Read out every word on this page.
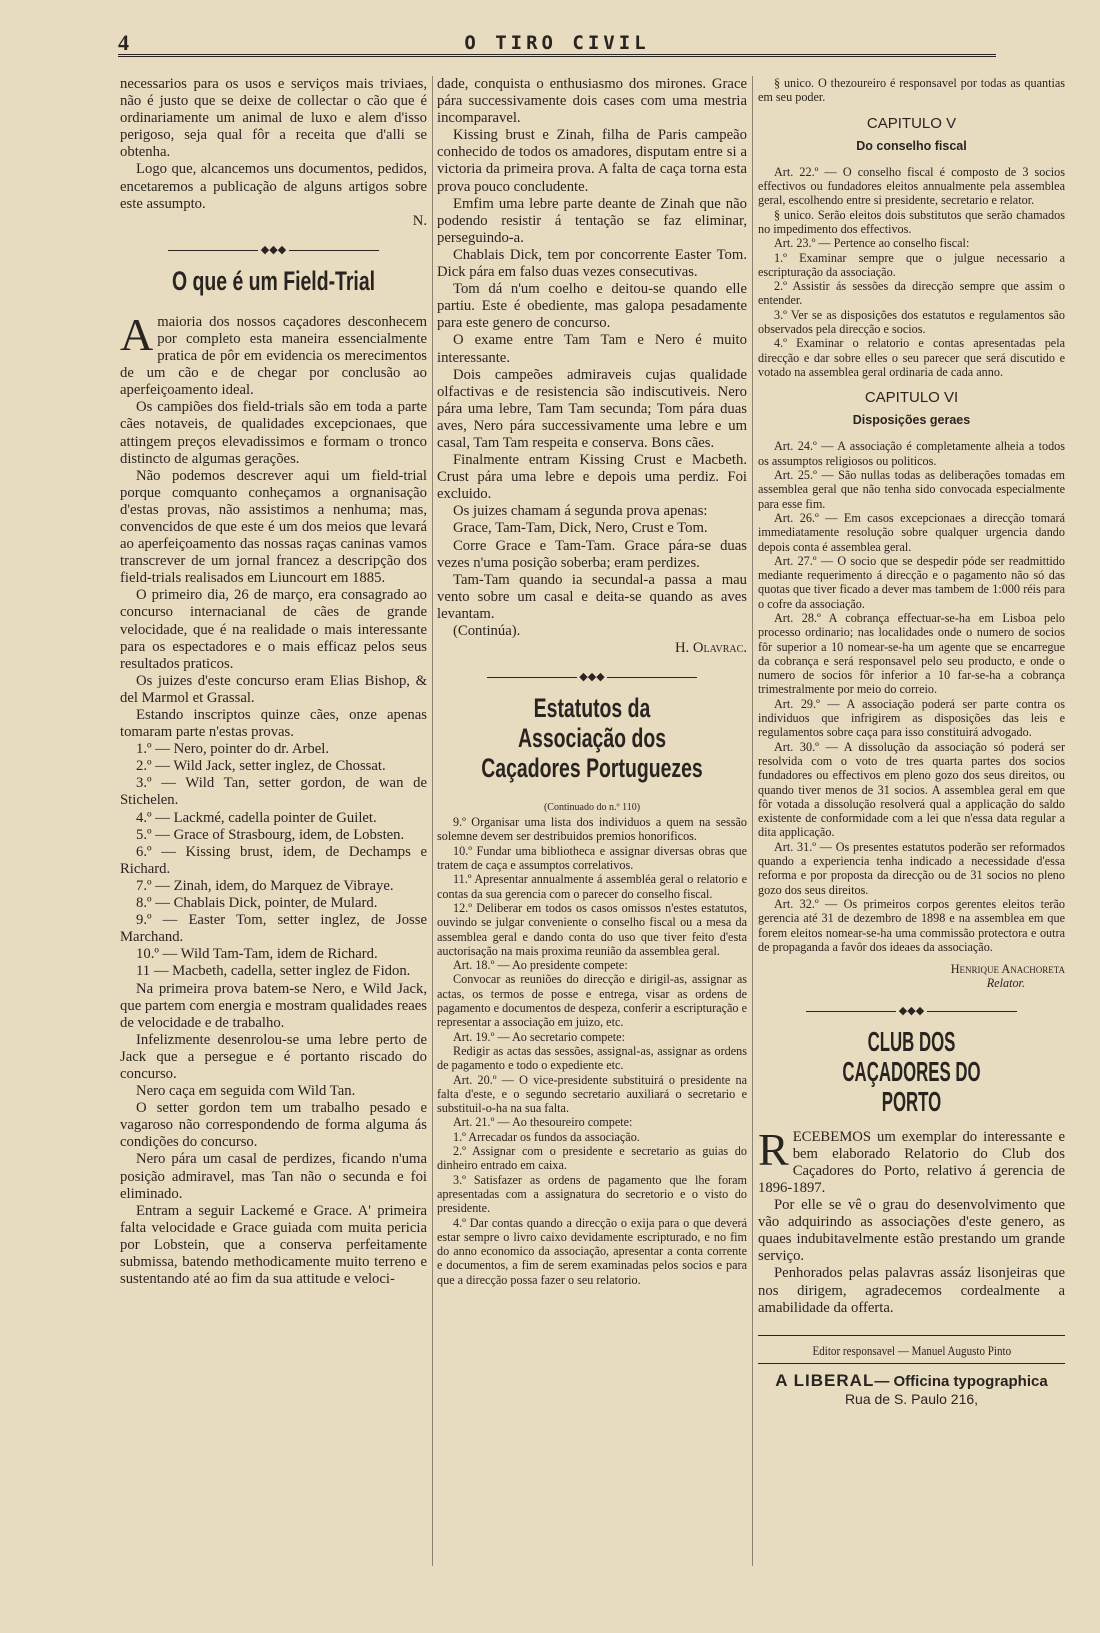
4	O TIRO CIVIL

necessarios para os usos e serviços mais triviaes, não é justo que se deixe de collectar o cão que é ordinariamente um animal de luxo e alem d'isso perigoso, seja qual fôr a receita que d'alli se obtenha.

Logo que, alcancemos uns documentos, pedidos, encetaremos a publicação de alguns artigos sobre este assumpto.

N.

◆◆◆
O que é um Field-Trial

Amaioria dos nossos caçadores desconhecem por completo esta maneira essencialmente pratica de pôr em evidencia os merecimentos de um cão e de chegar por conclusão ao aperfeiçoamento ideal.

Os campiões dos field-trials são em toda a parte cães notaveis, de qualidades excepcionaes, que attingem preços elevadissimos e formam o tronco distincto de algumas gerações.

Não podemos descrever aqui um field-trial porque comquanto conheçamos a orgnanisação d'estas provas, não assistimos a nenhuma; mas, convencidos de que este é um dos meios que levará ao aperfeiçoamento das nossas raças caninas vamos transcrever de um jornal francez a descripção dos field-trials realisados em Liuncourt em 1885.

O primeiro dia, 26 de março, era consagrado ao concurso internacianal de cães de grande velocidade, que é na realidade o mais interessante para os espectadores e o mais efficaz pelos seus resultados praticos.

Os juizes d'este concurso eram Elias Bishop, & del Marmol et Grassal.

Estando inscriptos quinze cães, onze apenas tomaram parte n'estas provas.

1.º — Nero, pointer do dr. Arbel.

2.º — Wild Jack, setter inglez, de Chossat.

3.º — Wild Tan, setter gordon, de wan de Stichelen.

4.º — Lackmé, cadella pointer de Guilet.

5.º — Grace of Strasbourg, idem, de Lobsten.

6.º — Kissing brust, idem, de Dechamps e Richard.

7.º — Zinah, idem, do Marquez de Vibraye.

8.º — Chablais Dick, pointer, de Mulard.

9.º — Easter Tom, setter inglez, de Josse Marchand.

10.º — Wild Tam-Tam, idem de Richard.

11 — Macbeth, cadella, setter inglez de Fidon.

Na primeira prova batem-se Nero, e Wild Jack, que partem com energia e mostram qualidades reaes de velocidade e de trabalho.

Infelizmente desenrolou-se uma lebre perto de Jack que a persegue e é portanto riscado do concurso.

Nero caça em seguida com Wild Tan.

O setter gordon tem um trabalho pesado e vagaroso não correspondendo de forma alguma ás condições do concurso.

Nero pára um casal de perdizes, ficando n'uma posição admiravel, mas Tan não o secunda e foi eliminado.

Entram a seguir Lackemé e Grace. A' primeira falta velocidade e Grace guiada com muita pericia por Lobstein, que a conserva perfeitamente submissa, batendo methodicamente muito terreno e sustentando até ao fim da sua attitude e veloci-

dade, conquista o enthusiasmo dos mirones. Grace pára successivamente dois cases com uma mestria incomparavel.

Kissing brust e Zinah, filha de Paris campeão conhecido de todos os amadores, disputam entre si a victoria da primeira prova. A falta de caça torna esta prova pouco concludente.

Emfim uma lebre parte deante de Zinah que não podendo resistir á tentação se faz eliminar, perseguindo-a.

Chablais Dick, tem por concorrente Easter Tom. Dick pára em falso duas vezes consecutivas.

Tom dá n'um coelho e deitou-se quando elle partiu. Este é obediente, mas galopa pesadamente para este genero de concurso.

O exame entre Tam Tam e Nero é muito interessante.

Dois campeões admiraveis cujas qualidade olfactivas e de resistencia são indiscutiveis. Nero pára uma lebre, Tam Tam secunda; Tom pára duas aves, Nero pára successivamente uma lebre e um casal, Tam Tam respeita e conserva. Bons cães.

Finalmente entram Kissing Crust e Macbeth. Crust pára uma lebre e depois uma perdiz. Foi excluido.

Os juizes chamam á segunda prova apenas:

Grace, Tam-Tam, Dick, Nero, Crust e Tom.

Corre Grace e Tam-Tam. Grace pára-se duas vezes n'uma posição soberba; eram perdizes.

Tam-Tam quando ia secundal-a passa a mau vento sobre um casal e deita-se quando as aves levantam.

(Continúa).

H. Olavrac.

◆◆◆
Estatutos da Associação dos
Caçadores Portuguezes

(Continuado do n.º 110)

9.º Organisar uma lista dos individuos a quem na sessão solemne devem ser destribuidos premios honorificos.

10.º Fundar uma bibliotheca e assignar diversas obras que tratem de caça e assumptos correlativos.

11.º Apresentar annualmente á assembléa geral o relatorio e contas da sua gerencia com o parecer do conselho fiscal.

12.º Deliberar em todos os casos omissos n'estes estatutos, ouvindo se julgar conveniente o conselho fiscal ou a mesa da assembleа geral e dando conta do uso que tiver feito d'esta auctorisação na mais proxima reunião da assemblea geral.

Art. 18.º — Ao presidente compete:

Convocar as reuniões do direcção e dirigil-as, assignar as actas, os termos de posse e entrega, visar as ordens de pagamento e documentos de despeza, conferir a escripturação e representar a associação em juizo, etc.

Art. 19.º — Ao secretario compete:

Redigir as actas das sessões, assignal-as, assignar as ordens de pagamento e todo o expediente etc.

Art. 20.º — O vice-presidente substituirá o presidente na falta d'este, e o segundo secretario auxiliará o secretario e substituil-o-ha na sua falta.

Art. 21.º — Ao thesoureiro compete:

1.º Arrecadar os fundos da associação.

2.º Assignar com o presidente e secretario as guias do dinheiro entrado em caixa.

3.º Satisfazer as ordens de pagamento que lhe foram apresentadas com a assignatura do secretorio e o visto do presidente.

4.º Dar contas quando a direcção o exija para o que deverá estar sempre o livro caixo devidamente escripturado, e no fim do anno economico da associação, apresentar a conta corrente e documentos, a fim de serem examinadas pelos socios e para que a direcção possa fazer o seu relatorio.

§ unico. O thezoureiro é responsavel por todas as quantias em seu poder.

CAPITULO V
Do conselho fiscal

Art. 22.º — O conselho fiscal é composto de 3 socios effectivos ou fundadores eleitos annualmente pela assemblea geral, escolhendo entre si presidente, secretario e relator.

§ unico. Serão eleitos dois substitutos que serão chamados no impedimento dos effectivos.

Art. 23.º — Pertence ao conselho fiscal:

1.º Examinar sempre que o julgue necessario a escripturação da associação.

2.º Assistir ás sessões da direcção sempre que assim o entender.

3.º Ver se as disposições dos estatutos e regulamentos são observados pela direcção e socios.

4.º Examinar o relatorio e contas apresentadas pela direcção e dar sobre elles o seu parecer que será discutido e votado na assemblea geral ordinaria de cada anno.

CAPITULO VI
Disposições geraes

Art. 24.º — A associação é completamente alheia a todos os assumptos religiosos ou politicos.

Art. 25.º — São nullas todas as deliberações tomadas em assemblea geral que não tenha sido convocada especialmente para esse fim.

Art. 26.º — Em casos excepcionaes a direcção tomará immediatamente resolução sobre qualquer urgencia dando depois conta é assemblea geral.

Art. 27.º — O socio que se despedir póde ser readmittido mediante requerimento á direcção e o pagamento não só das quotas que tiver ficado a dever mas tambem de 1:000 réis para o cofre da associação.

Art. 28.º A cobrança effectuar-se-ha em Lisboa pelo processo ordinario; nas localidades onde o numero de socios fôr superior a 10 nomear-se-ha um agente que se encarregue da cobrança e será responsavel pelo seu producto, e onde o numero de socios fôr inferior a 10 far-se-ha a cobrança trimestralmente por meio do correio.

Art. 29.º — A associação poderá ser parte contra os individuos que infrigirem as disposições das leis e regulamentos sobre caça para isso constituirá advogado.

Art. 30.º — A dissolução da associação só poderá ser resolvida com o voto de tres quarta partes dos socios fundadores ou effectivos em pleno gozo dos seus direitos, ou quando tiver menos de 31 socios. A assemblea geral em que fôr votada a dissolução resolverá qual a applicação do saldo existente de conformidade com a lei que n'essa data regular a dita applicação.

Art. 31.º — Os presentes estatutos poderão ser reformados quando a experiencia tenha indicado a necessidade d'essa reforma e por proposta da direcção ou de 31 socios no pleno gozo dos seus direitos.

Art. 32.º — Os primeiros corpos gerentes eleitos terão gerencia até 31 de dezembro de 1898 e na assemblea em que forem eleitos nomear-se-ha uma commissão protectora e outra de propaganda a favôr dos ideaes da associação.

Henrique Anachoreta

Relator.

◆◆◆
CLUB DOS CAÇADORES DO PORTO

RECEBEMOS um exemplar do interessante e bem elaborado Relatorio do Club dos Caçadores do Porto, relativo á gerencia de 1896-1897.

Por elle se vê o grau do desenvolvimento que vão adquirindo as associações d'este genero, as quaes indubitavelmente estão prestando um grande serviço.

Penhorados pelas palavras assáz lisonjeiras que nos dirigem, agradecemos cordealmente a amabilidade da offerta.

Editor responsavel — Manuel Augusto Pinto
A LIBERAL— Officina typographica
Rua de S. Paulo 216,
